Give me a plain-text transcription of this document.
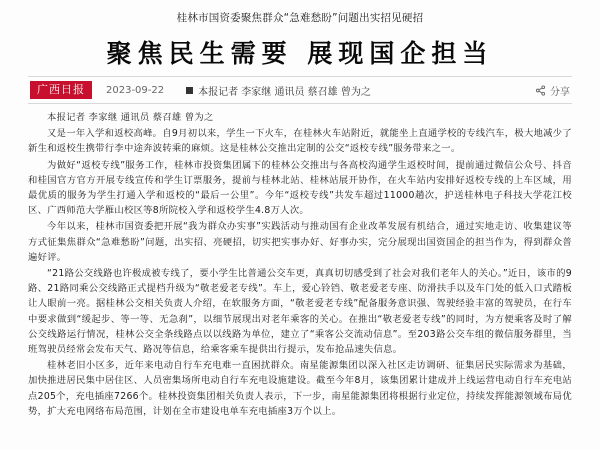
桂林市国资委聚焦群众“急难愁盼”问题出实招见硬招
聚焦民生需要 展现国企担当
广西日报	2023-09-22	本报记者 李家继 通讯员 蔡召雄 曾为之	分享

本报记者 李家继 通讯员 蔡召雄 曾为之

又是一年入学和返校高峰。自9月初以来，学生一下火车，在桂林火车站附近，就能坐上直通学校的专线汽车，极大地减少了新生和返校生携带行李中途奔波转乘的麻烦。这是桂林公交推出定制的公交“返校专线”服务带来之一。

为做好“返校专线”服务工作，桂林市投资集团属下的桂林公交推出与各高校沟通学生返校时间，提前通过微信公众号、抖音和桂国官方官方开展专线宣传和学生订票服务，提前与桂林北站、桂林站展开协作，在火车站内安排好返校专线的上车区域，用最优质的服务为学生打通入学和返校的“最后一公里”。今年“返校专线”共发车超过11000趟次，护送桂林电子科技大学花江校区、广西师范大学雁山校区等8所院校入学和返校学生4.8万人次。

今年以来，桂林市国资委把开展“我为群众办实事”实践活动与推动国有企业改革发展有机结合，通过实地走访、收集建议等方式征集焦群众“急难愁盼”问题，出实招、亮硬招，切实把实事办好、好事办实，完分展现出国资国企的担当作为，得到群众普遍好评。

“21路公交线路也许极成被专线了，要小学生比普通公交车更，真真切切感受到了社会对我们老年人的关心。”近日，该市的9路、21路同乘公交线路正式提档升级为“敬老爱老专线”。车上，爱心铃铛、敬老爱老专座、防滑扶手以及车门处的低入口式踏板让人眼前一亮。据桂林公交相关负责人介绍，在软服务方面，“敬老爱老专线”配备服务意识强、驾驶经验丰富的驾驶员，在行车中要求做到“缓起步、等一等、无急刹”，以细节展现出对老年乘客的关心。在推出“敬老爱老专线”的同时，为方便乘客及时了解公交线路运行情况，桂林公交全条线路点以以线路为单位，建立了“乘客公交流动信息”。至203路公交车组的微信服务群里，当班驾驶员经常会发布天气、路况等信息，给乘客乘车提供出行提示，发布抢品速失信息。

桂林老旧小区多，近年来电动自行车充电难一直困扰群众。南星能源集团以深入社区走访调研、征集居民实际需求为基础，加快推进居民集中居住区、人员密集场所电动自行车充电设施建设。截至今年8月，该集团累计建成并上线运营电动自行车充电站点205个，充电插座7266个。桂林投资集团相关负责人表示，下一步，南星能源集团将根据行业定位，持续发挥能源领域布局优势，扩大充电网络布局范围，计划在全市建设电单车充电插座3万个以上。
